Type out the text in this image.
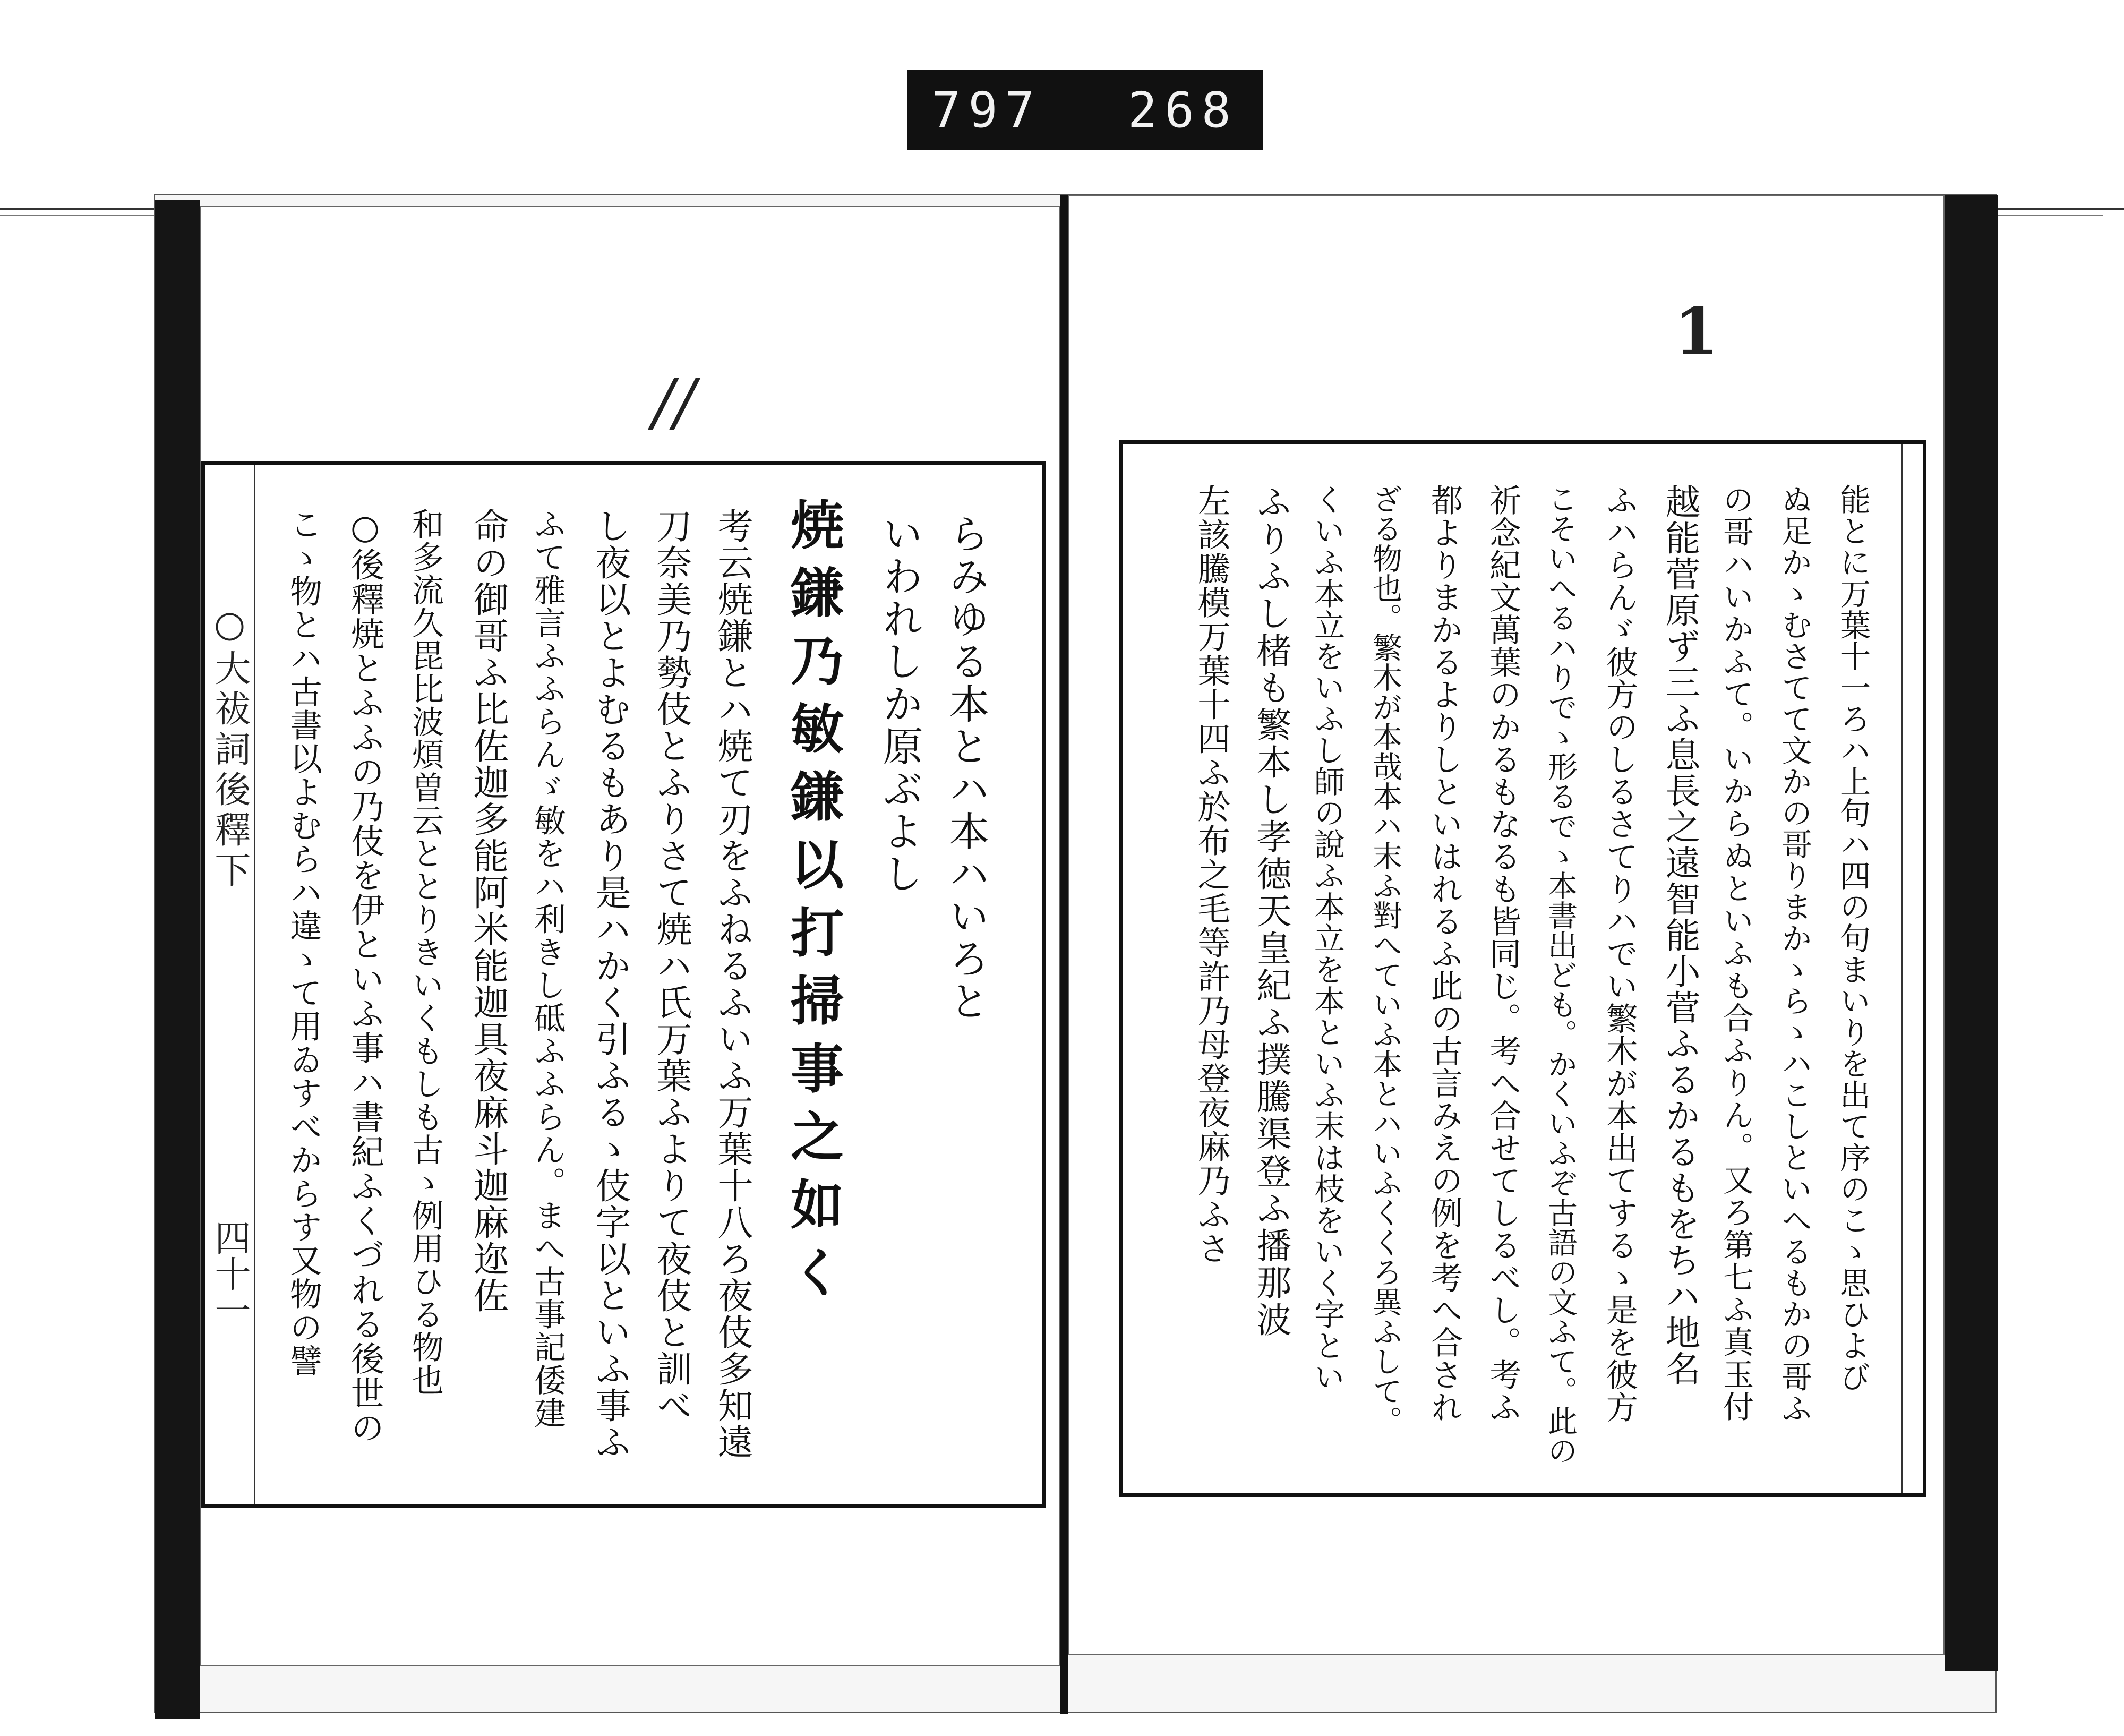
797 268
//
○大祓詞後釋下
四十一
らみゆる本とハ本ハいろと
いわれしか原ぶよし
焼鎌乃敏鎌以打掃事之如く
考云焼鎌とハ焼て刃をふねるふいふ万葉十八ろ夜伎多知遠
刀奈美乃勢伎とふりさて焼ハ氏万葉ふよりて夜伎と訓べ
し夜以とよむるもあり是ハかく引ふるゝ伎字以といふ事ふ
ふて雅言ふふらんゞ敏をハ利きし砥ふふらん。まへ古事記倭建
命の御哥ふ比佐迦多能阿米能迦具夜麻斗迦麻迩佐
和多流久毘比波煩曽云ととりきいくもしも古ゝ例用ひる物也
○後釋焼とふふの乃伎を伊といふ事ハ書紀ふくづれる後世の
こゝ物とハ古書以よむらハ違ゝて用ゐすべからす又物の譬
1
能とに万葉十一ろハ上句ハ四の句まいりを出て序のこゝ思ひよび
ぬ足かゝむさてて文かの哥りまかゝらゝハこしといへるもかの哥ふ
の哥ハいかふて。いからぬといふも合ふりん。又ろ第七ふ真玉付
越能菅原ず三ふ息長之遠智能小菅ふるかるもをちハ地名
ふハらんゞ彼方のしるさてりハでい繁木が本出てするゝ是を彼方
こそいへるハりでゝ形るでゝ本書出ども。かくいふぞ古語の文ふて。此の
祈念紀文萬葉のかるもなるも皆同じ。考へ合せてしるべし。考ふ
都よりまかるよりしといはれるふ此の古言みえの例を考へ合され
ざる物也。繁木が本哉本ハ末ふ對へていふ本とハいふくくろ異ふして。
くいふ本立をいふし師の說ふ本立を本といふ末は枝をいく字とい
ふりふし楮も繁本し孝徳天皇紀ふ撲騰渠登ふ播那波
左該騰模万葉十四ふ於布之毛等許乃母登夜麻乃ふさ
